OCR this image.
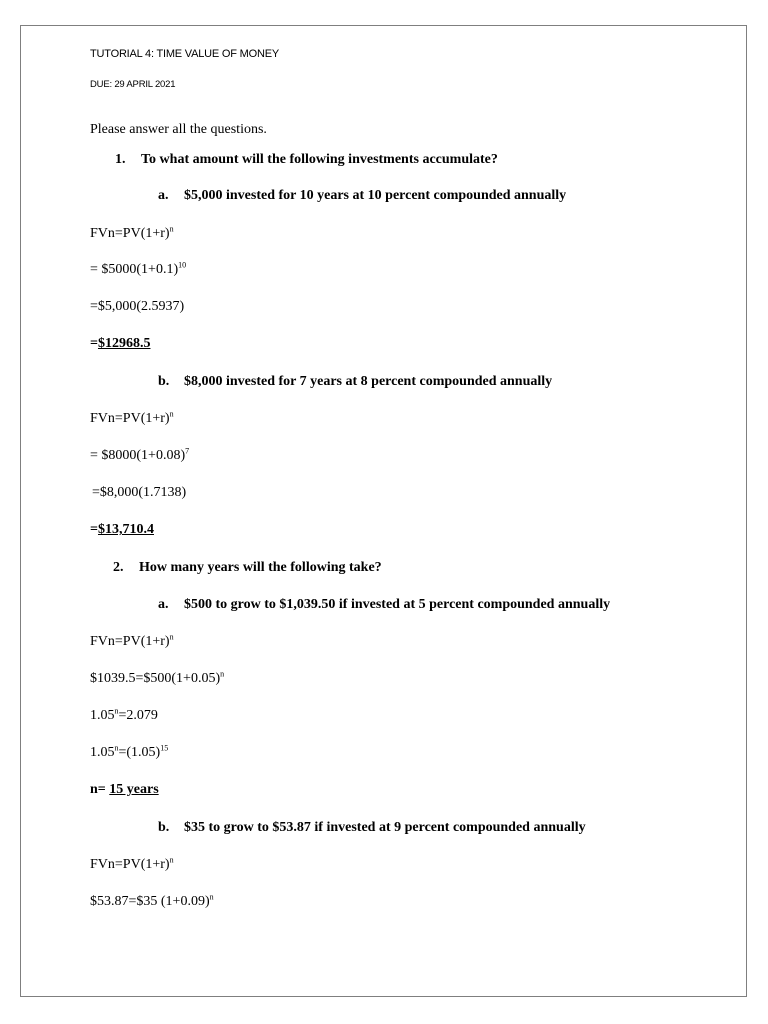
TUTORIAL 4: TIME VALUE OF MONEY
DUE: 29 APRIL 2021
Please answer all the questions.
1. To what amount will the following investments accumulate?
a. $5,000 invested for 10 years at 10 percent compounded annually
$FVn=PV(1+r)^n$
= $\$5000(1+0.1)^{10}$
=$5,000(2.5937)
=$12968.5
b. $8,000 invested for 7 years at 8 percent compounded annually
$FVn=PV(1+r)^n$
= $\$8000(1+0.08)^7$
=$8,000(1.7138)
=$13,710.4
2. How many years will the following take?
a. $500 to grow to $1,039.50 if invested at 5 percent compounded annually
$FVn=PV(1+r)^n$
$\$1039.5=\$500(1+0.05)^n$
$1.05^n=2.079$
$1.05^n=(1.05)^{15}$
n= 15 years
b. $35 to grow to $53.87 if invested at 9 percent compounded annually
$FVn=PV(1+r)^n$
$53.87=$35 $(1+0.09)^n$
